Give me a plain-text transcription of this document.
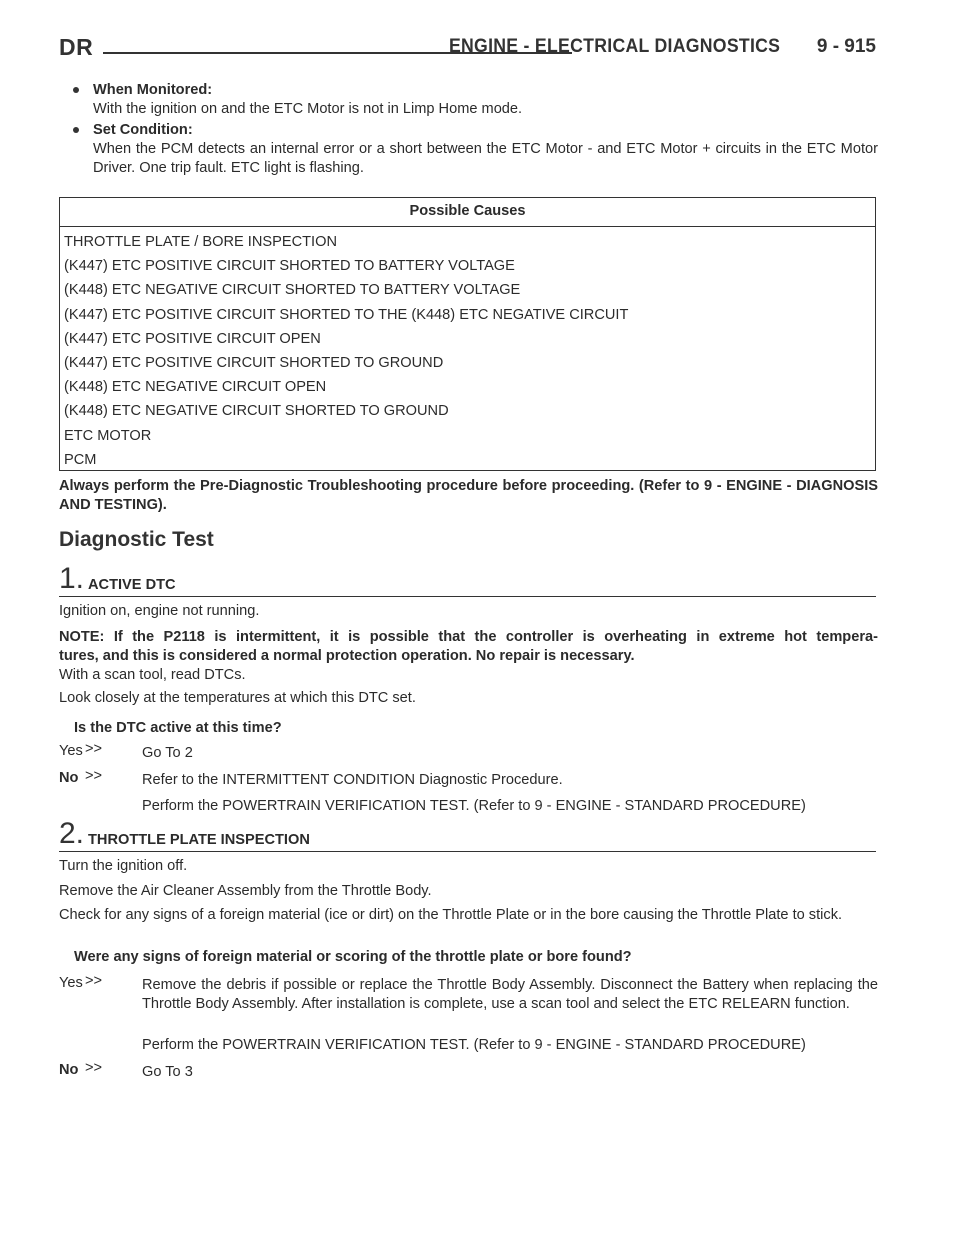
DR	ENGINE - ELECTRICAL DIAGNOSTICS 9 - 915
When Monitored:
With the ignition on and the ETC Motor is not in Limp Home mode.
Set Condition:
When the PCM detects an internal error or a short between the ETC Motor - and ETC Motor + circuits in the ETC Motor Driver. One trip fault. ETC light is flashing.
Possible Causes
THROTTLE PLATE / BORE INSPECTION
(K447) ETC POSITIVE CIRCUIT SHORTED TO BATTERY VOLTAGE
(K448) ETC NEGATIVE CIRCUIT SHORTED TO BATTERY VOLTAGE
(K447) ETC POSITIVE CIRCUIT SHORTED TO THE (K448) ETC NEGATIVE CIRCUIT
(K447) ETC POSITIVE CIRCUIT OPEN
(K447) ETC POSITIVE CIRCUIT SHORTED TO GROUND
(K448) ETC NEGATIVE CIRCUIT OPEN
(K448) ETC NEGATIVE CIRCUIT SHORTED TO GROUND
ETC MOTOR
PCM
Always perform the Pre-Diagnostic Troubleshooting procedure before proceeding. (Refer to 9 - ENGINE - DIAGNOSIS AND TESTING).
Diagnostic Test
1. ACTIVE DTC
Ignition on, engine not running.
NOTE: If the P2118 is intermittent, it is possible that the controller is overheating in extreme hot tempera-
tures, and this is considered a normal protection operation. No repair is necessary.
With a scan tool, read DTCs.
Look closely at the temperatures at which this DTC set.
Is the DTC active at this time?
Yes >>	Go To 2
No >>	Refer to the INTERMITTENT CONDITION Diagnostic Procedure.
Perform the POWERTRAIN VERIFICATION TEST. (Refer to 9 - ENGINE - STANDARD PROCEDURE)
2. THROTTLE PLATE INSPECTION
Turn the ignition off.
Remove the Air Cleaner Assembly from the Throttle Body.
Check for any signs of a foreign material (ice or dirt) on the Throttle Plate or in the bore causing the Throttle Plate to stick.
Were any signs of foreign material or scoring of the throttle plate or bore found?
Yes >>	Remove the debris if possible or replace the Throttle Body Assembly. Disconnect the Battery when replacing the Throttle Body Assembly. After installation is complete, use a scan tool and select the ETC RELEARN function.
Perform the POWERTRAIN VERIFICATION TEST. (Refer to 9 - ENGINE - STANDARD PROCEDURE)
No >>	Go To 3
